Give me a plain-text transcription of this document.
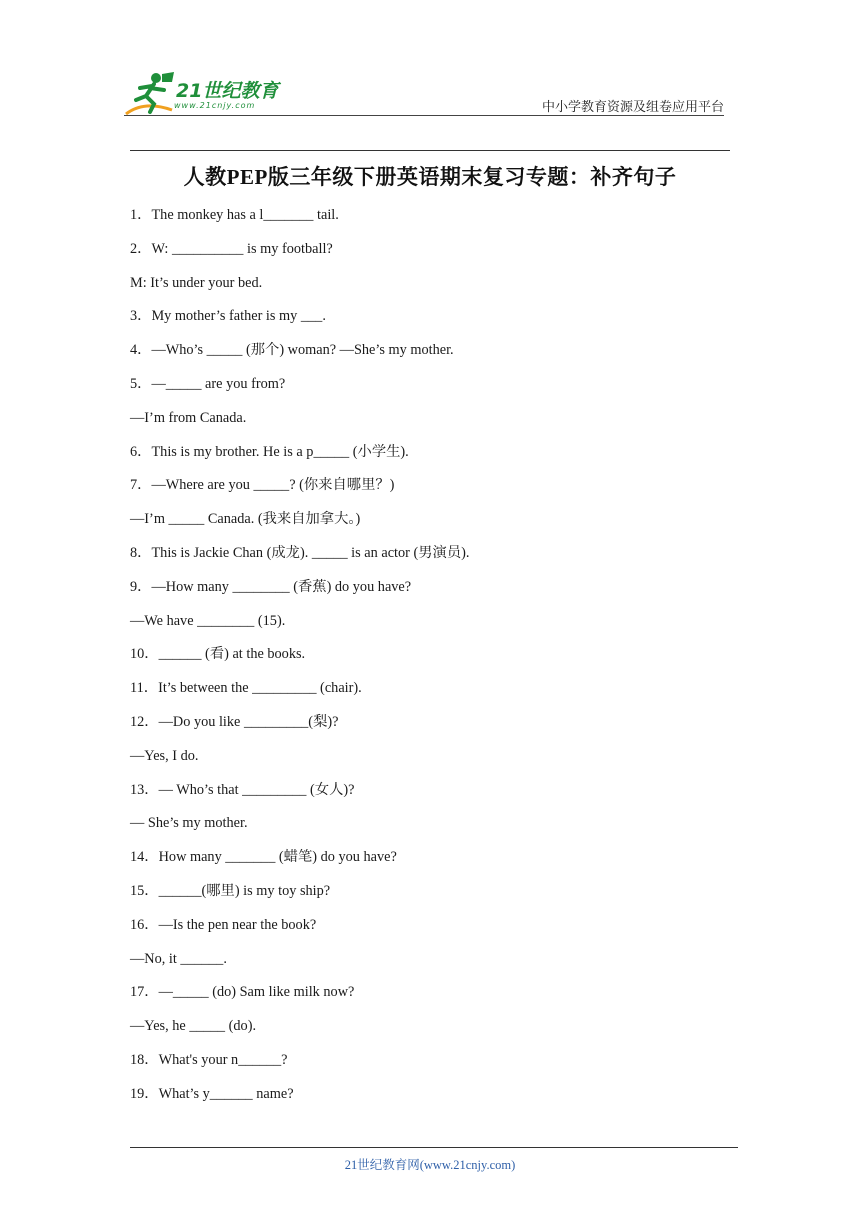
21世纪教育
www.21cnjy.com	中小学教育资源及组卷应用平台
人教PEP版三年级下册英语期末复习专题：补齐句子
1．The monkey has a l_______ tail.
2．W: __________ is my football?
M: It’s under your bed.
3．My mother’s father is my ___.
4．—Who’s _____ (那个) woman? —She’s my mother.
5．—_____ are you from?
—I’m from Canada.
6．This is my brother. He is a p_____ (小学生).
7．—Where are you _____? (你来自哪里？)
—I’m _____ Canada. (我来自加拿大。)
8．This is Jackie Chan (成龙). _____ is an actor (男演员).
9．—How many ________ (香蕉) do you have?
—We have ________ (15).
10．______ (看) at the books.
11．It’s between the _________ (chair).
12．—Do you like _________(梨)?
—Yes, I do.
13．— Who’s that _________ (女人)?
— She’s my mother.
14．How many _______ (蜡笔) do you have?
15．______(哪里) is my toy ship?
16．—Is the pen near the book?
—No, it ______.
17．—_____ (do) Sam like milk now?
—Yes, he _____ (do).
18．What's your n______?
19．What’s y______ name?
21世纪教育网(www.21cnjy.com)
